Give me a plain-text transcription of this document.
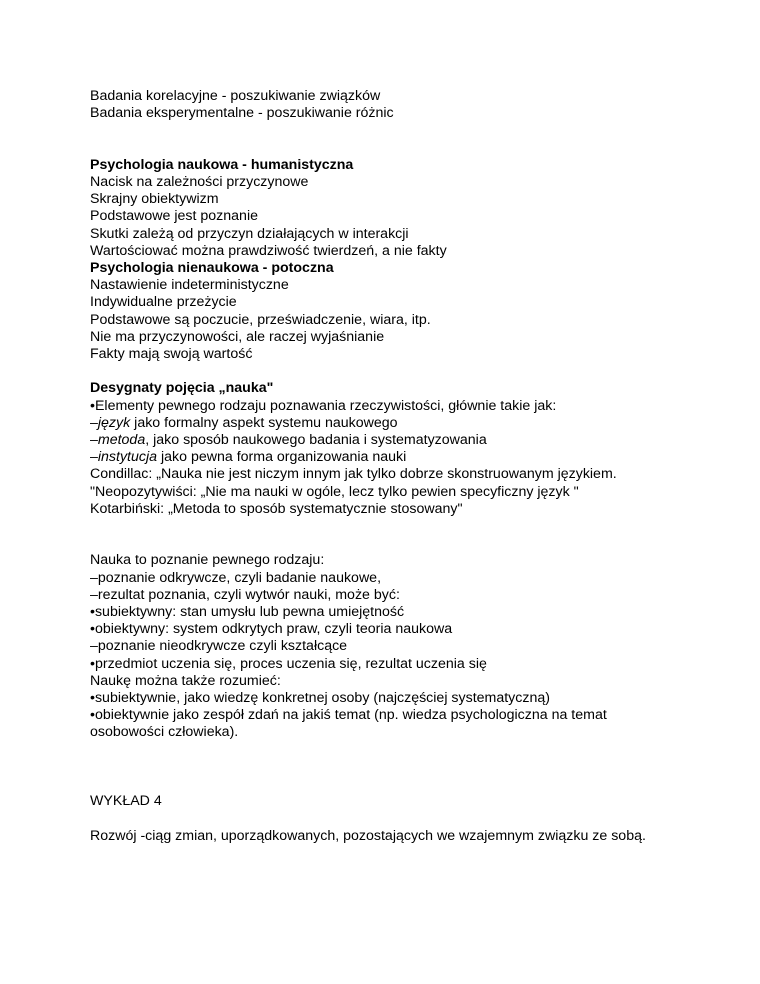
Badania korelacyjne - poszukiwanie związków
Badania eksperymentalne - poszukiwanie różnic
Psychologia naukowa - humanistyczna
Nacisk na zależności przyczynowe
Skrajny obiektywizm
Podstawowe jest poznanie
Skutki zależą od przyczyn działających w interakcji
Wartościować można prawdziwość twierdzeń, a nie fakty
Psychologia nienaukowa - potoczna
Nastawienie indeterministyczne
Indywidualne przeżycie
Podstawowe są poczucie, przeświadczenie, wiara, itp.
Nie ma przyczynowości, ale raczej wyjaśnianie
Fakty mają swoją wartość
Desygnaty pojęcia „nauka"
•Elementy pewnego rodzaju poznawania rzeczywistości, głównie takie jak:
–język jako formalny aspekt systemu naukowego
–metoda, jako sposób naukowego badania i systematyzowania
–instytucja jako pewna forma organizowania nauki
Condillac: „Nauka nie jest niczym innym jak tylko dobrze skonstruowanym językiem.
"Neopozytywiści: „Nie ma nauki w ogóle, lecz tylko pewien specyficzny język "
Kotarbiński: „Metoda to sposób systematycznie stosowany"
Nauka to poznanie pewnego rodzaju:
–poznanie odkrywcze, czyli badanie naukowe,
–rezultat poznania, czyli wytwór nauki, może być:
•subiektywny: stan umysłu lub pewna umiejętność
•obiektywny: system odkrytych praw, czyli teoria naukowa
–poznanie nieodkrywcze czyli kształcące
•przedmiot uczenia się, proces uczenia się, rezultat uczenia się
Naukę można także rozumieć:
•subiektywnie, jako wiedzę konkretnej osoby (najczęściej systematyczną)
•obiektywnie jako zespół zdań na jakiś temat (np. wiedza psychologiczna na temat osobowości człowieka).
WYKŁAD 4
Rozwój -ciąg zmian, uporządkowanych, pozostających we wzajemnym związku ze sobą.
